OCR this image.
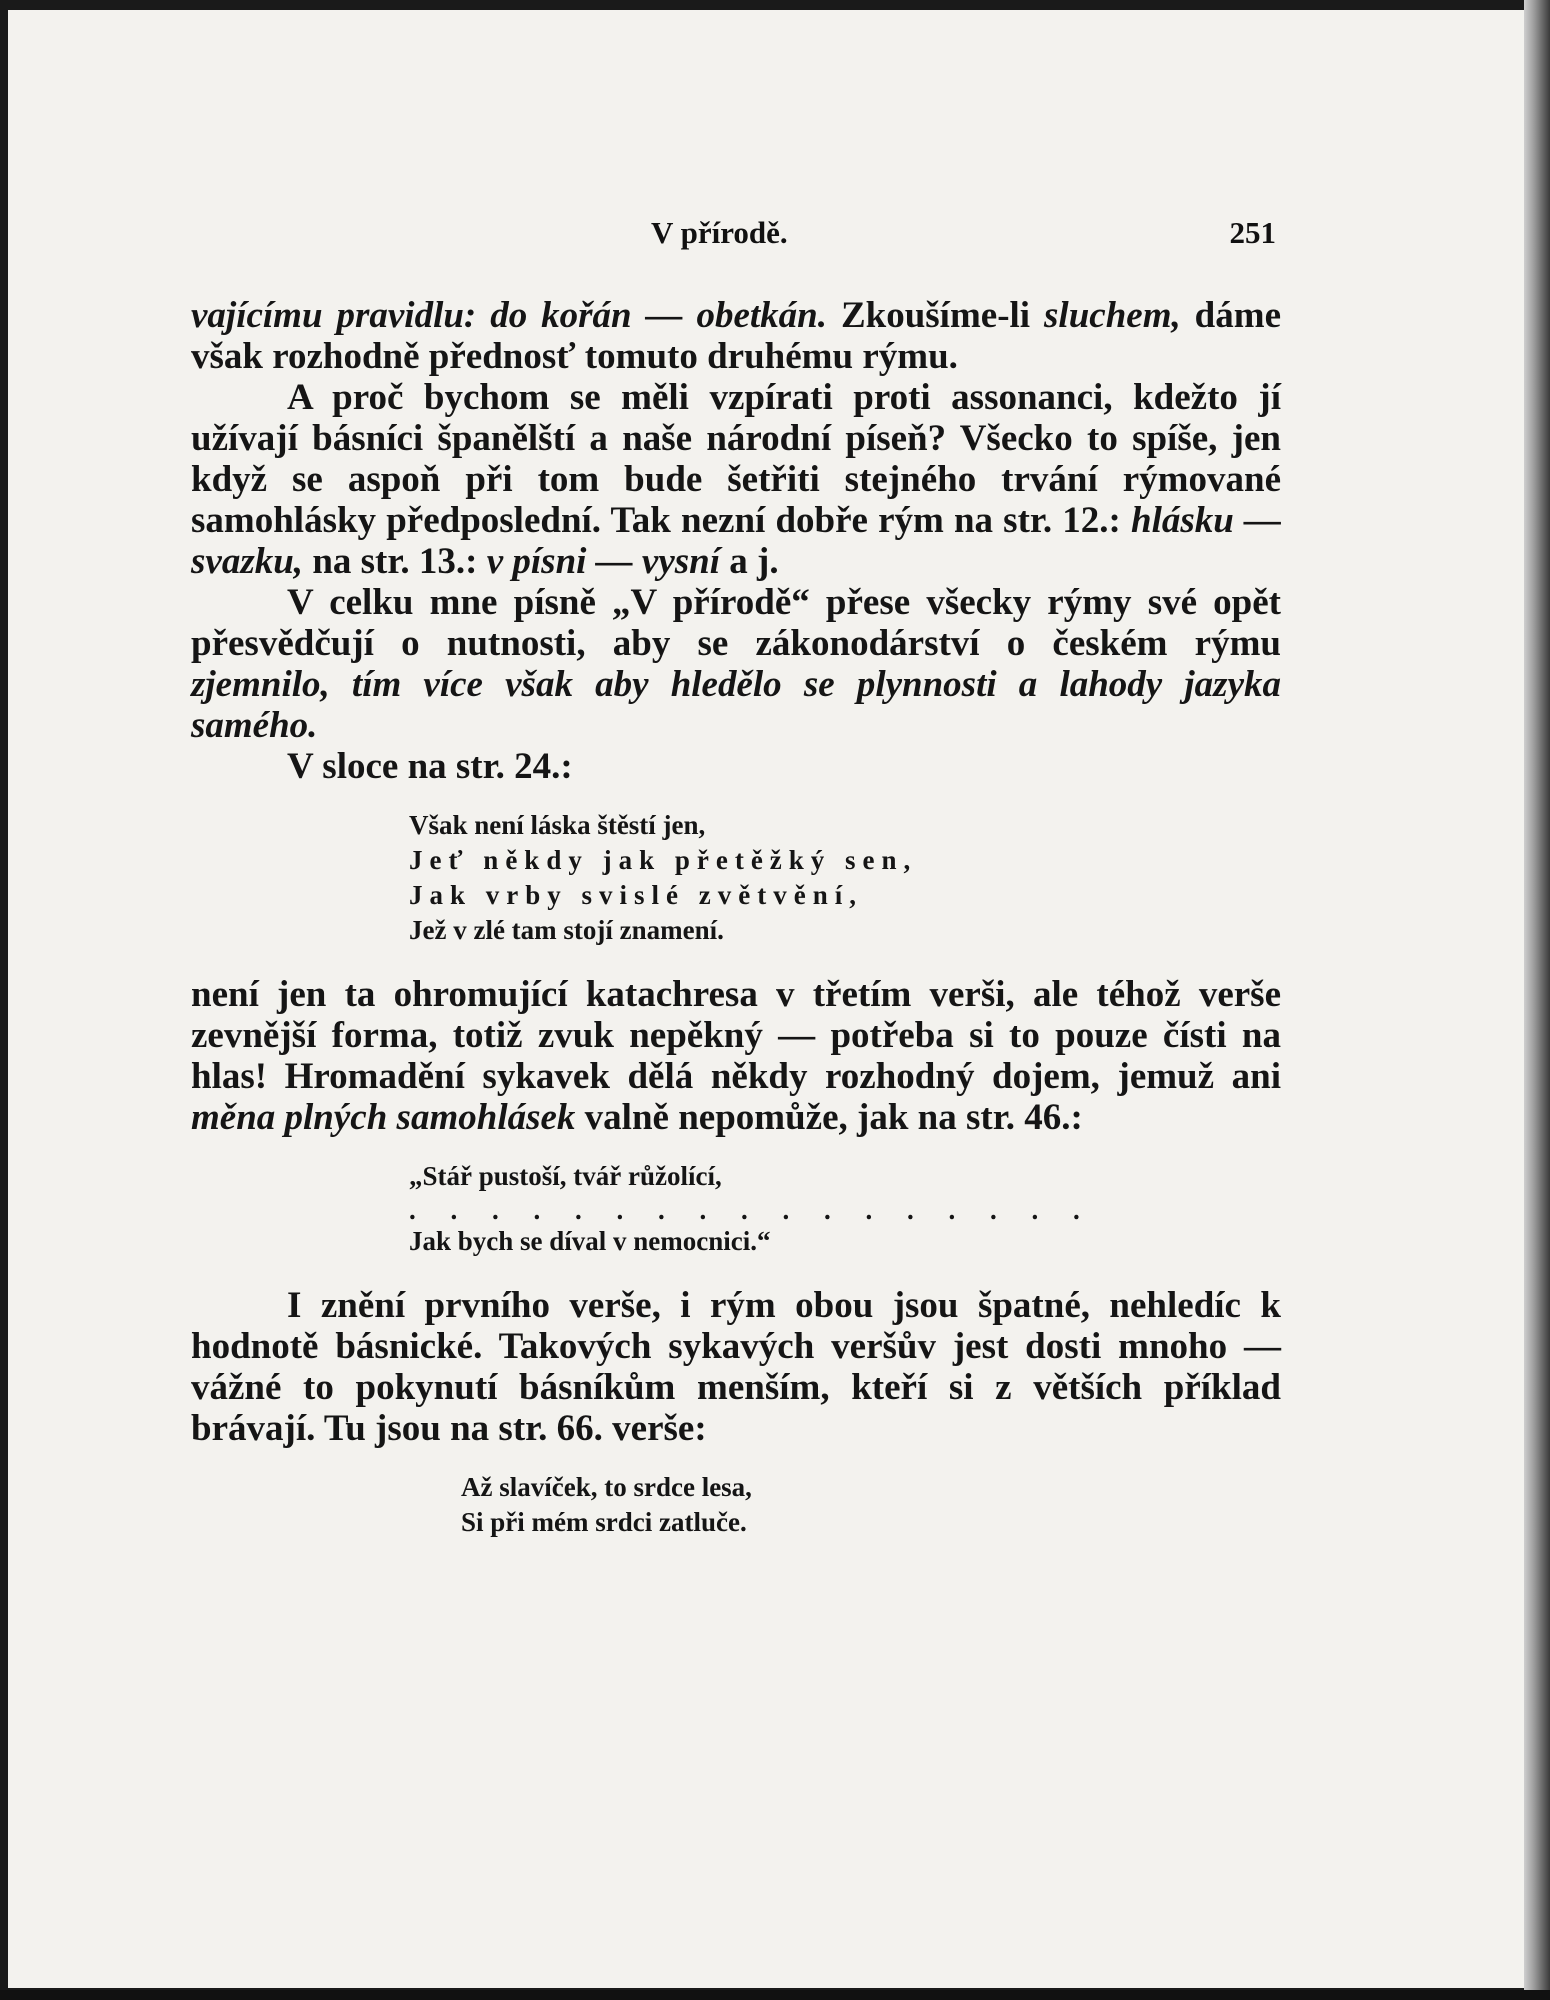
V přírodě.	251

vajícímu pravidlu: do kořán — obetkán. Zkoušíme-li sluchem, dáme však rozhodně přednosť tomuto druhému rýmu.

A proč bychom se měli vzpírati proti assonanci, kdežto jí užívají básníci španělští a naše národní píseň? Všecko to spíše, jen když se aspoň při tom bude šetřiti stejného trvání rýmované samohlásky předposlední. Tak nezní dobře rým na str. 12.: hlásku — svazku, na str. 13.: v písni — vysní a j.

V celku mne písně „V přírodě“ přese všecky rýmy své opět přesvědčují o nutnosti, aby se zákonodárství o českém rýmu zjemnilo, tím více však aby hledělo se plynnosti a lahody jazyka samého.

V sloce na str. 24.:

Však není láska štěstí jen,
Jeť někdy jak přetěžký sen,
Jak vrby svislé zvětvění,
Jež v zlé tam stojí znamení.

není jen ta ohromující katachresa v třetím verši, ale téhož verše zevnější forma, totiž zvuk nepěkný — potřeba si to pouze čísti na hlas! Hromadění sykavek dělá někdy rozhodný dojem, jemuž ani měna plných samohlásek valně nepomůže, jak na str. 46.:

„Stář pustoší, tvář růžolící,
. . . . . . . . . . . . . . . . .
Jak bych se díval v nemocnici.“

I znění prvního verše, i rým obou jsou špatné, nehledíc k hodnotě básnické. Takových sykavých veršův jest dosti mnoho — vážné to pokynutí básníkům menším, kteří si z větších příklad brávají. Tu jsou na str. 66. verše:

Až slavíček, to srdce lesa,
Si při mém srdci zatluče.
